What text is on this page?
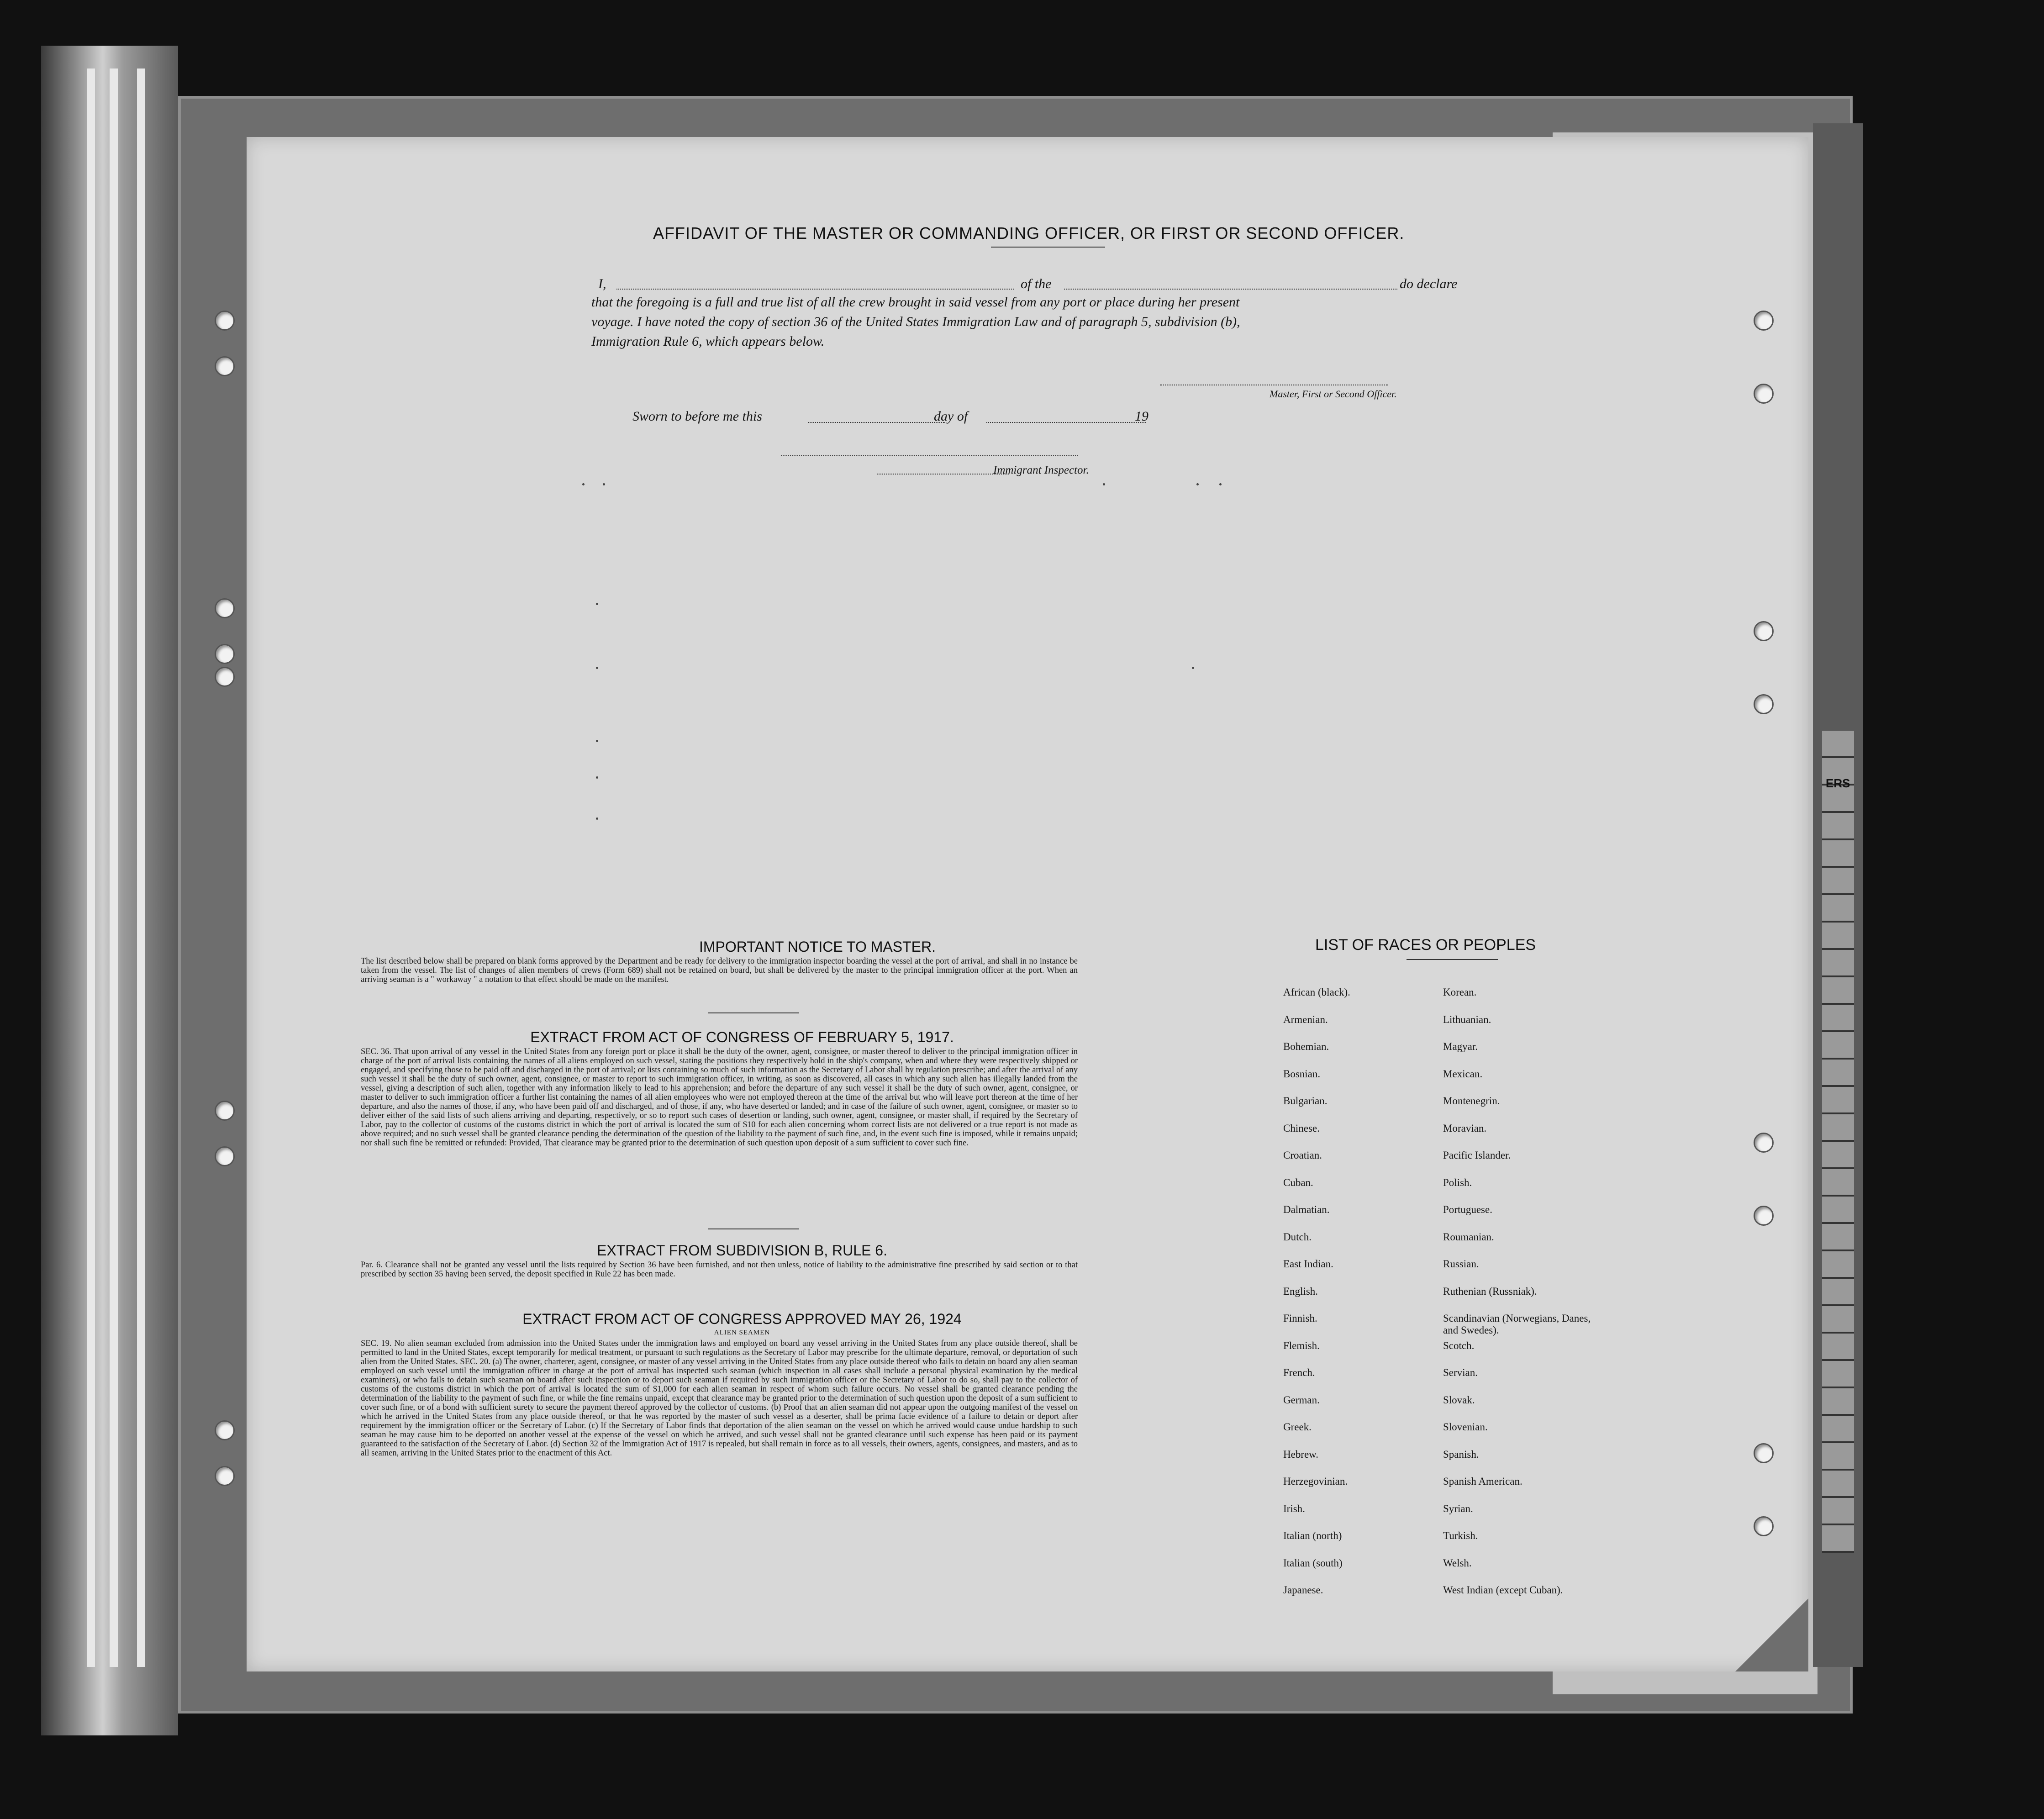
ERS
AFFIDAVIT OF THE MASTER OR COMMANDING OFFICER, OR FIRST OR SECOND OFFICER.
I,	of the	do declare
that the foregoing is a full and true list of all the crew brought in said vessel from any port or place during her present
voyage. I have noted the copy of section 36 of the United States Immigration Law and of paragraph 5, subdivision (b),
Immigration Rule 6, which appears below.
Master, First or Second Officer.
Sworn to before me this	day of	19
Immigrant Inspector.
IMPORTANT NOTICE TO MASTER.
The list described below shall be prepared on blank forms approved by the Department and be ready for delivery to the immigration inspector boarding the vessel at the port of arrival, and shall in no instance be taken from the vessel. The list of changes of alien members of crews (Form 689) shall not be retained on board, but shall be delivered by the master to the principal immigration officer at the port. When an arriving seaman is a " workaway " a notation to that effect should be made on the manifest.
EXTRACT FROM ACT OF CONGRESS OF FEBRUARY 5, 1917.
SEC. 36. That upon arrival of any vessel in the United States from any foreign port or place it shall be the duty of the owner, agent, consignee, or master thereof to deliver to the principal immigration officer in charge of the port of arrival lists containing the names of all aliens employed on such vessel, stating the positions they respectively hold in the ship's company, when and where they were respectively shipped or engaged, and specifying those to be paid off and discharged in the port of arrival; or lists containing so much of such information as the Secretary of Labor shall by regulation prescribe; and after the arrival of any such vessel it shall be the duty of such owner, agent, consignee, or master to report to such immigration officer, in writing, as soon as discovered, all cases in which any such alien has illegally landed from the vessel, giving a description of such alien, together with any information likely to lead to his apprehension; and before the departure of any such vessel it shall be the duty of such owner, agent, consignee, or master to deliver to such immigration officer a further list containing the names of all alien employees who were not employed thereon at the time of the arrival but who will leave port thereon at the time of her departure, and also the names of those, if any, who have been paid off and discharged, and of those, if any, who have deserted or landed; and in case of the failure of such owner, agent, consignee, or master so to deliver either of the said lists of such aliens arriving and departing, respectively, or so to report such cases of desertion or landing, such owner, agent, consignee, or master shall, if required by the Secretary of Labor, pay to the collector of customs of the customs district in which the port of arrival is located the sum of $10 for each alien concerning whom correct lists are not delivered or a true report is not made as above required; and no such vessel shall be granted clearance pending the determination of the question of the liability to the payment of such fine, and, in the event such fine is imposed, while it remains unpaid; nor shall such fine be remitted or refunded: Provided, That clearance may be granted prior to the determination of such question upon deposit of a sum sufficient to cover such fine.
EXTRACT FROM SUBDIVISION B, RULE 6.
Par. 6. Clearance shall not be granted any vessel until the lists required by Section 36 have been furnished, and not then unless, notice of liability to the administrative fine prescribed by said section or to that prescribed by section 35 having been served, the deposit specified in Rule 22 has been made.
EXTRACT FROM ACT OF CONGRESS APPROVED MAY 26, 1924
ALIEN SEAMEN
SEC. 19. No alien seaman excluded from admission into the United States under the immigration laws and employed on board any vessel arriving in the United States from any place outside thereof, shall be permitted to land in the United States, except temporarily for medical treatment, or pursuant to such regulations as the Secretary of Labor may prescribe for the ultimate departure, removal, or deportation of such alien from the United States. SEC. 20. (a) The owner, charterer, agent, consignee, or master of any vessel arriving in the United States from any place outside thereof who fails to detain on board any alien seaman employed on such vessel until the immigration officer in charge at the port of arrival has inspected such seaman (which inspection in all cases shall include a personal physical examination by the medical examiners), or who fails to detain such seaman on board after such inspection or to deport such seaman if required by such immigration officer or the Secretary of Labor to do so, shall pay to the collector of customs of the customs district in which the port of arrival is located the sum of $1,000 for each alien seaman in respect of whom such failure occurs. No vessel shall be granted clearance pending the determination of the liability to the payment of such fine, or while the fine remains unpaid, except that clearance may be granted prior to the determination of such question upon the deposit of a sum sufficient to cover such fine, or of a bond with sufficient surety to secure the payment thereof approved by the collector of customs. (b) Proof that an alien seaman did not appear upon the outgoing manifest of the vessel on which he arrived in the United States from any place outside thereof, or that he was reported by the master of such vessel as a deserter, shall be prima facie evidence of a failure to detain or deport after requirement by the immigration officer or the Secretary of Labor. (c) If the Secretary of Labor finds that deportation of the alien seaman on the vessel on which he arrived would cause undue hardship to such seaman he may cause him to be deported on another vessel at the expense of the vessel on which he arrived, and such vessel shall not be granted clearance until such expense has been paid or its payment guaranteed to the satisfaction of the Secretary of Labor. (d) Section 32 of the Immigration Act of 1917 is repealed, but shall remain in force as to all vessels, their owners, agents, consignees, and masters, and as to all seamen, arriving in the United States prior to the enactment of this Act.
LIST OF RACES OR PEOPLES
African (black).
Armenian.
Bohemian.
Bosnian.
Bulgarian.
Chinese.
Croatian.
Cuban.
Dalmatian.
Dutch.
East Indian.
English.
Finnish.
Flemish.
French.
German.
Greek.
Hebrew.
Herzegovinian.
Irish.
Italian (north)
Italian (south)
Japanese.
Korean.
Lithuanian.
Magyar.
Mexican.
Montenegrin.
Moravian.
Pacific Islander.
Polish.
Portuguese.
Roumanian.
Russian.
Ruthenian (Russniak).
Scandinavian (Norwegians, Danes, and Swedes).
Scotch.
Servian.
Slovak.
Slovenian.
Spanish.
Spanish American.
Syrian.
Turkish.
Welsh.
West Indian (except Cuban).
